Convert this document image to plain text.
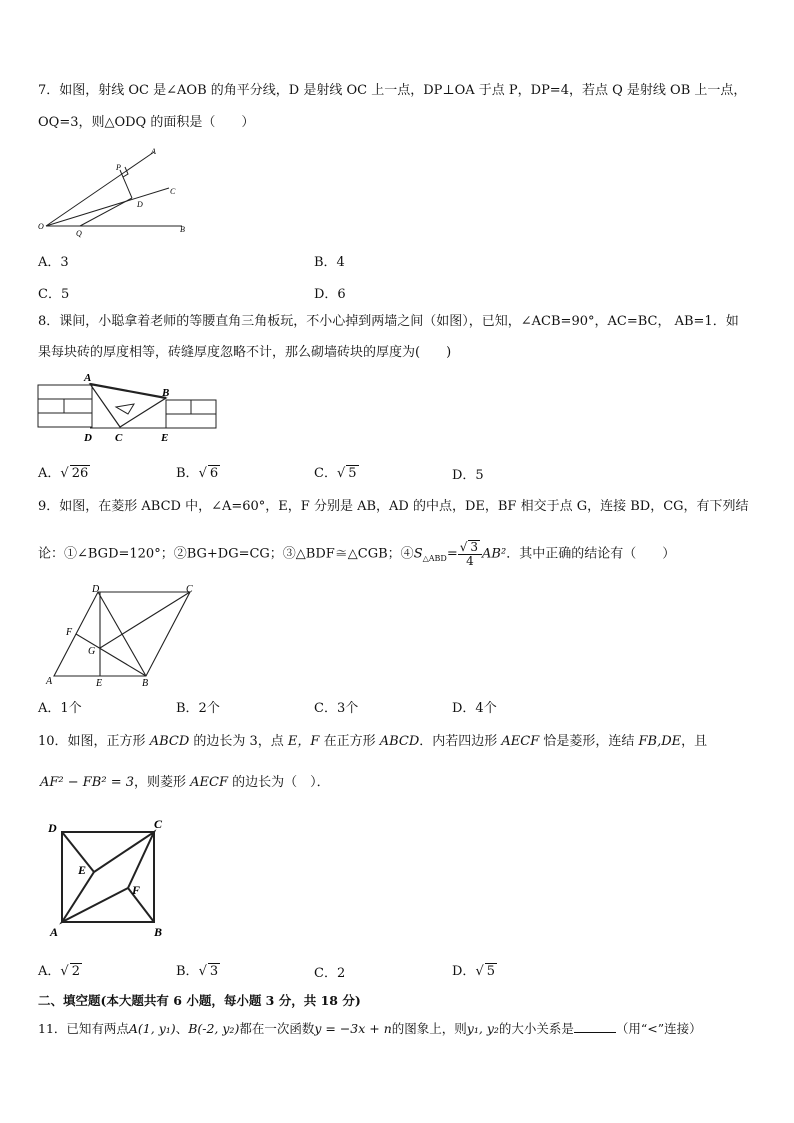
7．如图，射线 OC 是∠AOB 的角平分线，D 是射线 OC 上一点，DP⊥OA 于点 P，DP=4，若点 Q 是射线 OB 上一点，
OQ=3，则△ODQ 的面积是（　　）
P
A
C
D
O
Q	B
A．3	B．4
C．5	D．6
8．课间，小聪拿着老师的等腰直角三角板玩，不小心掉到两墙之间（如图），已知，∠ACB=90°，AC=BC， AB=1．如
果每块砖的厚度相等，砖缝厚度忽略不计，那么砌墙砖块的厚度为(　　)
A
B
D C	E
A．√ 26	B．√ 6	C．√ 5	D．5
9．如图，在菱形 ABCD 中，∠A=60°，E，F 分别是 AB，AD 的中点，DE，BF 相交于点 G，连接 BD，CG，有下列结
论：①∠BGD=120°；②BG+DG=CG；③△BDF≅△CGB；$④S_{\triangle ABD}= \frac{√ 3}{4} AB^2$．其中正确的结论有（　　）
D	C
F
G
A	E	B
A．1个	B．2个	C．3个	D．4个
10．如图，正方形 ABCD 的边长为 3，点 E，F 在正方形 ABCD．内若四边形 AECF 恰是菱形，连结 FB,DE，且
AF² − FB² = 3，则菱形 AECF 的边长为（　）．
D	C
E
F
A	B
A．√ 2	B．√ 3	C．2	D．√ 5
二、填空题(本大题共有 6 小题，每小题 3 分，共 18 分)
11．已知有两点A(1, y₁)、B(-2, y₂)都在一次函数y = −3x + n的图象上，则y₁, y₂的大小关系是	（用“<”连接）
